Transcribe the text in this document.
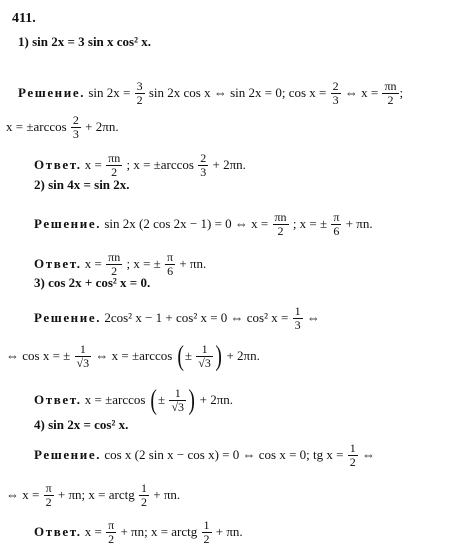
411.
1) sin 2x = 3 sin x cos² x.
Решение. $\sin 2x = \frac{3}{2}$ sin 2x cos x ⇔ sin 2x = 0; $\cos x = \frac{2}{3}$ ⇔ $x = \frac{\pi n}{2}$ ;
$x = \pm\arccos \frac{2}{3} + 2\pi n$.
Ответ. $x = \frac{\pi n}{2}$ ; $x = \pm\arccos \frac{2}{3} + 2\pi n$.
2) sin 4x = sin 2x.
Решение. sin 2x (2 cos 2x − 1) = 0 ⇔ $x = \frac{\pi n}{2}$ ; x = ± $\frac{\pi}{6} + \pi n$.
Ответ. $x = \frac{\pi n}{2}$ ; x = ± $\frac{\pi}{6} + \pi n$.
3) cos 2x + cos² x = 0.
Решение. 2cos² x − 1 + cos² x = 0 ⇔ cos² $x = \frac{1}{3}$ ⇔
⇔ cos x = ± $\frac{1}{√3}$ ⇔ x = ±arccos (± $\frac{1}{√3}$ ) + 2πn.
Ответ. x = ±arccos (± $\frac{1}{√3}$ ) + 2πn.
4) sin 2x = cos² x.
Решение. cos x (2 sin x − cos x) = 0 ⇔ cos x = 0; tg $x = \frac{1}{2}$ ⇔
⇔ $x = \frac{\pi}{2} + \pi n$; x = arctg $\frac{1}{2} + \pi n$.
Ответ. $x = \frac{\pi}{2} + \pi n$; x = arctg $\frac{1}{2} + \pi n$.
